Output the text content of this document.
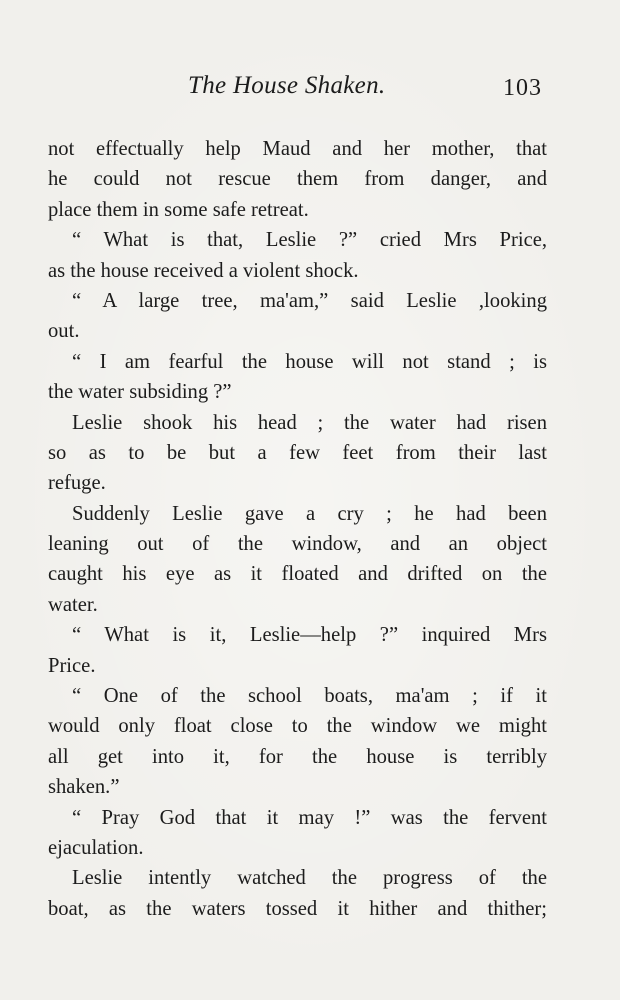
The House Shaken.	103
not effectually help Maud and her mother, that
he could not rescue them from danger, and
place them in some safe retreat.
“ What is that, Leslie ?” cried Mrs Price,
as the house received a violent shock.
“ A large tree, ma'am,” said Leslie ,looking
out.
“ I am fearful the house will not stand ; is
the water subsiding ?”
Leslie shook his head ; the water had risen
so as to be but a few feet from their last
refuge.
Suddenly Leslie gave a cry ; he had been
leaning out of the window, and an object
caught his eye as it floated and drifted on the
water.
“ What is it, Leslie—help ?” inquired Mrs
Price.
“ One of the school boats, ma'am ; if it
would only float close to the window we might
all get into it, for the house is terribly
shaken.”
“ Pray God that it may !” was the fervent
ejaculation.
Leslie intently watched the progress of the
boat, as the waters tossed it hither and thither;
